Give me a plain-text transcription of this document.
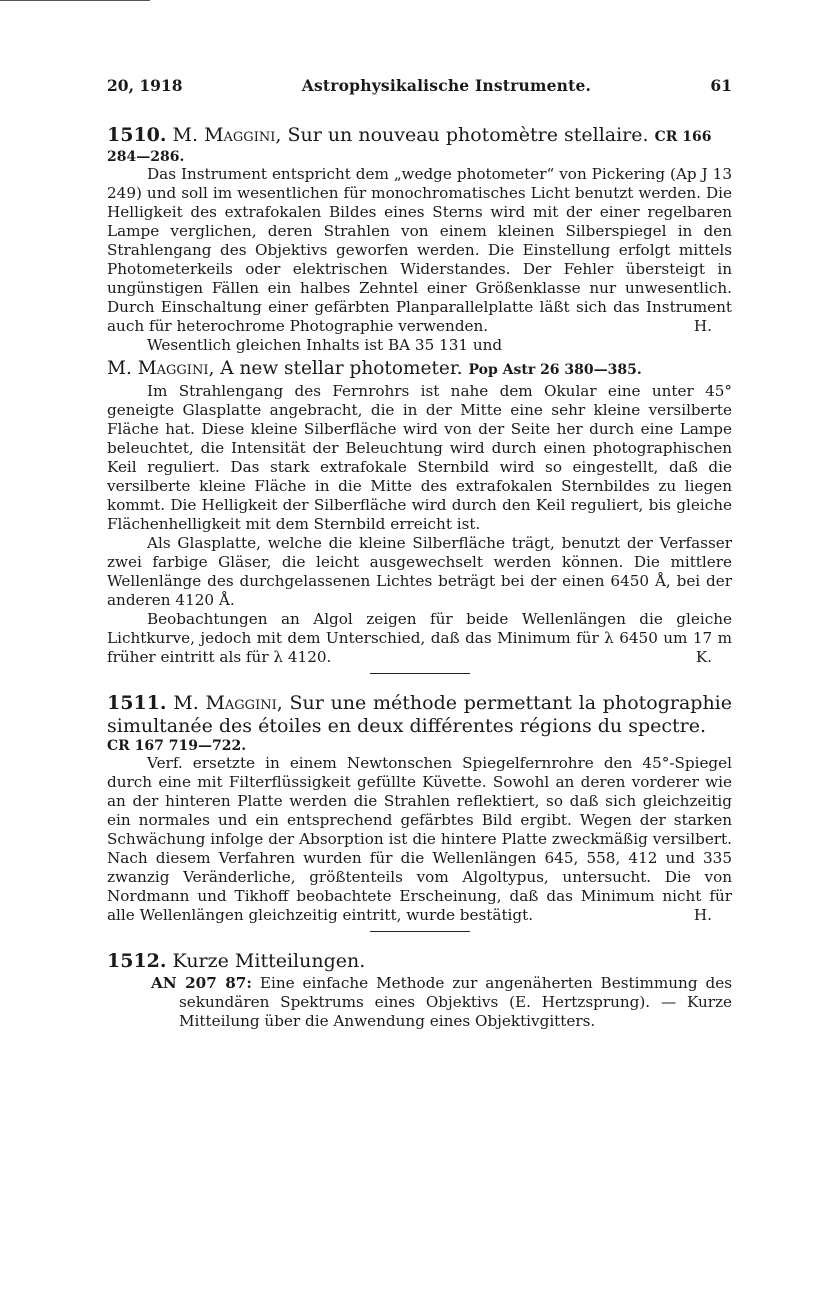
20, 1918	Astrophysikalische Instrumente.	61
1510. M. Maggini, Sur un nouveau photomètre stellaire. CR 166
284—286.

Das Instrument entspricht dem „wedge photometer“ von Pickering (Ap J 13 249) und soll im wesentlichen für monochromatisches Licht benutzt werden. Die Helligkeit des extrafokalen Bildes eines Sterns wird mit der einer regelbaren Lampe verglichen, deren Strahlen von einem kleinen Silberspiegel in den Strahlengang des Objektivs geworfen werden. Die Einstellung erfolgt mittels Photometerkeils oder elektrischen Widerstandes. Der Fehler übersteigt in ungünstigen Fällen ein halbes Zehntel einer Größenklasse nur unwesentlich. Durch Einschaltung einer gefärbten Planparallelplatte läßt sich das Instrument auch für heterochrome Photographie verwenden.	H.

Wesentlich gleichen Inhalts ist BA 35 131 und

M. Maggini, A new stellar photometer. Pop Astr 26 380—385.

Im Strahlengang des Fernrohrs ist nahe dem Okular eine unter 45° geneigte Glasplatte angebracht, die in der Mitte eine sehr kleine versilberte Fläche hat. Diese kleine Silberfläche wird von der Seite her durch eine Lampe beleuchtet, die Intensität der Beleuchtung wird durch einen photographischen Keil reguliert. Das stark extrafokale Sternbild wird so eingestellt, daß die versilberte kleine Fläche in die Mitte des extrafokalen Sternbildes zu liegen kommt. Die Helligkeit der Silberfläche wird durch den Keil reguliert, bis gleiche Flächenhelligkeit mit dem Sternbild erreicht ist.

Als Glasplatte, welche die kleine Silberfläche trägt, benutzt der Verfasser zwei farbige Gläser, die leicht ausgewechselt werden können. Die mittlere Wellenlänge des durchgelassenen Lichtes beträgt bei der einen 6450 Å, bei der anderen 4120 Å.

Beobachtungen an Algol zeigen für beide Wellenlängen die gleiche Lichtkurve, jedoch mit dem Unterschied, daß das Minimum für λ 6450 um 17 m früher eintritt als für λ 4120.	K.

1511. M. Maggini, Sur une méthode permettant la photographie simultanée des étoiles en deux différentes régions du spectre.
CR 167 719—722.

Verf. ersetzte in einem Newtonschen Spiegelfernrohre den 45°-Spiegel durch eine mit Filterflüssigkeit gefüllte Küvette. Sowohl an deren vorderer wie an der hinteren Platte werden die Strahlen reflektiert, so daß sich gleichzeitig ein normales und ein entsprechend gefärbtes Bild ergibt. Wegen der starken Schwächung infolge der Absorption ist die hintere Platte zweckmäßig versilbert. Nach diesem Verfahren wurden für die Wellenlängen 645, 558, 412 und 335 zwanzig Veränderliche, größtenteils vom Algoltypus, untersucht. Die von Nordmann und Tikhoff beobachtete Erscheinung, daß das Minimum nicht für alle Wellenlängen gleichzeitig eintritt, wurde bestätigt.	H.

1512. Kurze Mitteilungen.
AN 207 87: Eine einfache Methode zur angenäherten Bestimmung des sekundären Spektrums eines Objektivs (E. Hertzsprung). — Kurze Mitteilung über die Anwendung eines Objektivgitters.
